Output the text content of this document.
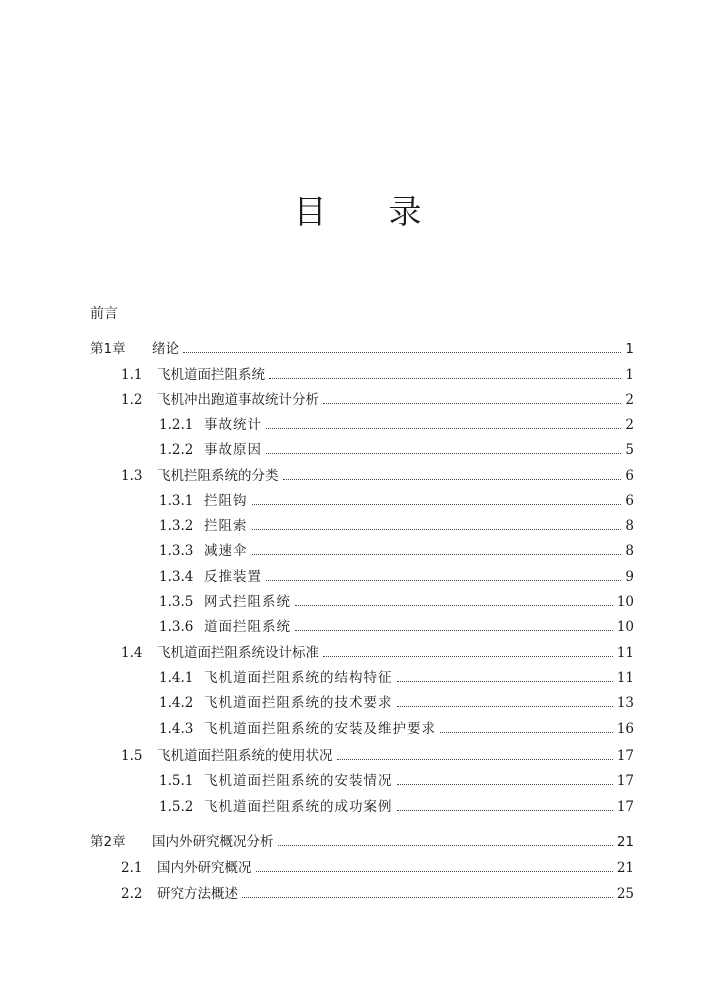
目 录
前言
第1章	绪论	1
1.1	飞机道面拦阻系统	1
1.2	飞机冲出跑道事故统计分析	2
1.2.1 事故统计	2
1.2.2 事故原因	5
1.3	飞机拦阻系统的分类	6
1.3.1 拦阻钩	6
1.3.2 拦阻索	8
1.3.3 减速伞	8
1.3.4 反推装置	9
1.3.5 网式拦阻系统	10
1.3.6 道面拦阻系统	10
1.4	飞机道面拦阻系统设计标准	11
1.4.1 飞机道面拦阻系统的结构特征	11
1.4.2 飞机道面拦阻系统的技术要求	13
1.4.3 飞机道面拦阻系统的安装及维护要求	16
1.5	飞机道面拦阻系统的使用状况	17
1.5.1 飞机道面拦阻系统的安装情况	17
1.5.2 飞机道面拦阻系统的成功案例	17
第2章	国内外研究概况分析	21
2.1	国内外研究概况	21
2.2	研究方法概述	25
